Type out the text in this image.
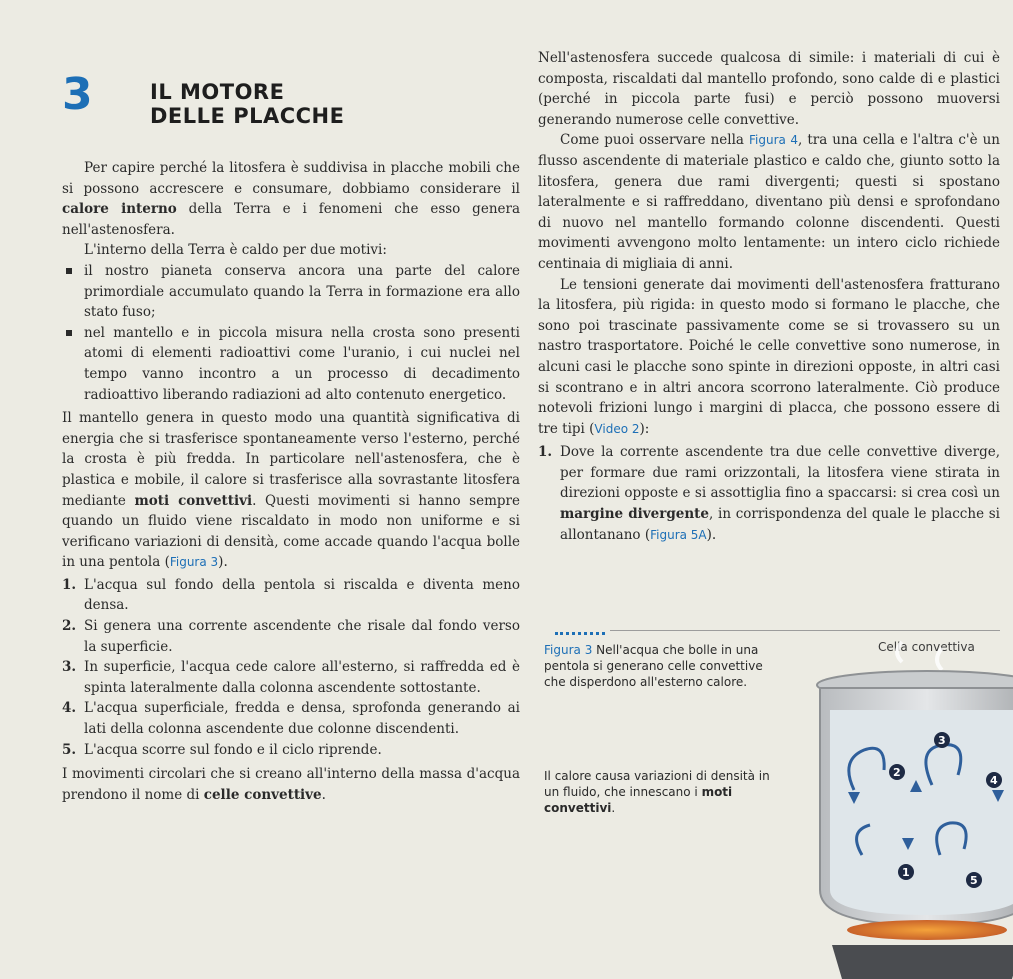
3	IL MOTORE
DELLE PLACCHE

Per capire perché la litosfera è suddivisa in placche mobili che si possono accrescere e consumare, dobbiamo considerare il calore interno della Terra e i fenomeni che esso genera nell'astenosfera.

L'interno della Terra è caldo per due motivi:

il nostro pianeta conserva ancora una parte del calore primordiale accumulato quando la Terra in formazione era allo stato fuso;
nel mantello e in piccola misura nella crosta sono presenti atomi di elementi radioattivi come l'uranio, i cui nuclei nel tempo vanno incontro a un processo di decadimento radioattivo liberando radiazioni ad alto contenuto energetico.

Il mantello genera in questo modo una quantità significativa di energia che si trasferisce spontaneamente verso l'esterno, perché la crosta è più fredda. In particolare nell'astenosfera, che è plastica e mobile, il calore si trasferisce alla sovrastante litosfera mediante moti convettivi. Questi movimenti si hanno sempre quando un fluido viene riscaldato in modo non uniforme e si verificano variazioni di densità, come accade quando l'acqua bolle in una pentola (Figura 3).

1. L'acqua sul fondo della pentola si riscalda e diventa meno densa.
2. Si genera una corrente ascendente che risale dal fondo verso la superficie.
3. In superficie, l'acqua cede calore all'esterno, si raffredda ed è spinta lateralmente dalla colonna ascendente sottostante.
4. L'acqua superficiale, fredda e densa, sprofonda generando ai lati della colonna ascendente due colonne discendenti.
5. L'acqua scorre sul fondo e il ciclo riprende.

I movimenti circolari che si creano all'interno della massa d'acqua prendono il nome di celle convettive.

Nell'astenosfera succede qualcosa di simile: i materiali di cui è composta, riscaldati dal mantello profondo, sono calde di e plastici (perché in piccola parte fusi) e perciò possono muoversi generando numerose celle convettive.

Come puoi osservare nella Figura 4, tra una cella e l'altra c'è un flusso ascendente di materiale plastico e caldo che, giunto sotto la litosfera, genera due rami divergenti; questi si spostano lateralmente e si raffreddano, diventano più densi e sprofondano di nuovo nel mantello formando colonne discendenti. Questi movimenti avvengono molto lentamente: un intero ciclo richiede centinaia di migliaia di anni.

Le tensioni generate dai movimenti dell'astenosfera fratturano la litosfera, più rigida: in questo modo si formano le placche, che sono poi trascinate passivamente come se si trovassero su un nastro trasportatore. Poiché le celle convettive sono numerose, in alcuni casi le placche sono spinte in direzioni opposte, in altri casi si scontrano e in altri ancora scorrono lateralmente. Ciò produce notevoli frizioni lungo i margini di placca, che possono essere di tre tipi (Video 2):

1. Dove la corrente ascendente tra due celle convettive diverge, per formare due rami orizzontali, la litosfera viene stirata in direzioni opposte e si assottiglia fino a spaccarsi: si crea così un margine divergente, in corrispondenza del quale le placche si allontanano (Figura 5A).
Figura 3 Nell'acqua che bolle in una pentola si generano celle convettive che disperdono all'esterno calore.
Il calore causa variazioni di densità in un fluido, che innescano i moti convettivi.
Cella convettiva
3
2
4
1
5
